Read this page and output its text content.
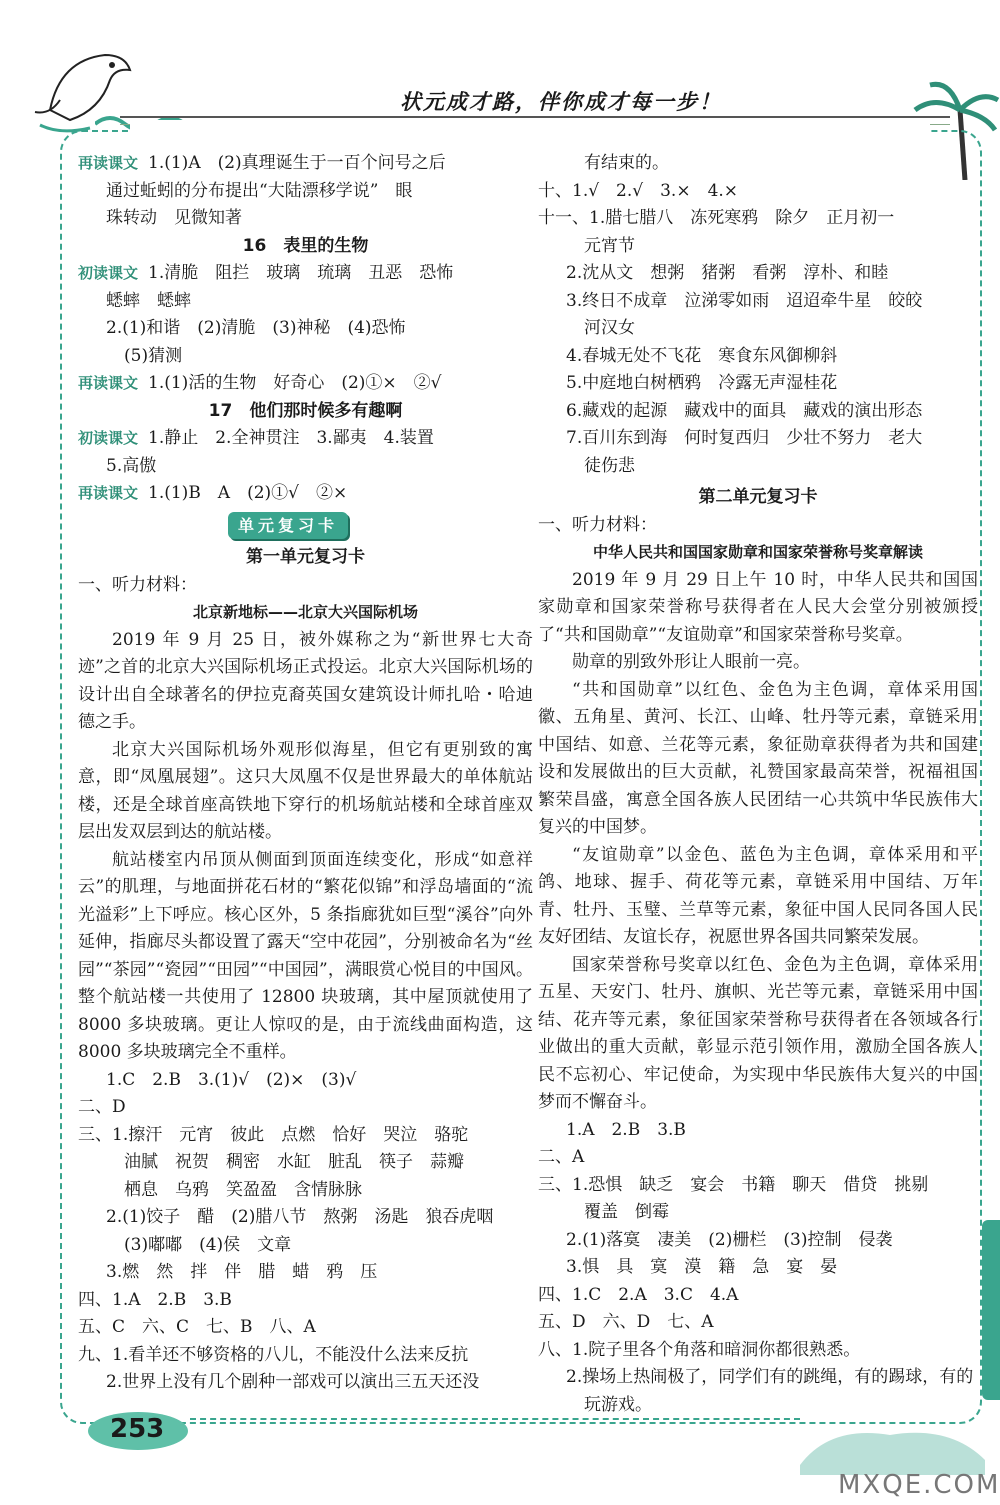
状元成才路，伴你成才每一步！
再读课文 1.(1)A　(2)真理诞生于一百个问号之后
通过蚯蚓的分布提出“大陆漂移学说”　眼
珠转动　见微知著
16　表里的生物
初读课文 1.清脆　阻拦　玻璃　琉璃　丑恶　恐怖
蟋蟀　蟋蟀
2.(1)和谐　(2)清脆　(3)神秘　(4)恐怖
(5)猜测
再读课文 1.(1)活的生物　好奇心　(2)①×　②√
17　他们那时候多有趣啊
初读课文 1.静止　2.全神贯注　3.鄙夷　4.装置
5.高傲
再读课文 1.(1)B　A　(2)①√　②×
单元复习卡
第一单元复习卡
一、听力材料：
北京新地标——北京大兴国际机场
2019 年 9 月 25 日，被外媒称之为“新世界七大奇迹”之首的北京大兴国际机场正式投运。北京大兴国际机场的设计出自全球著名的伊拉克裔英国女建筑设计师扎哈・哈迪德之手。
北京大兴国际机场外观形似海星，但它有更别致的寓意，即“凤凰展翅”。这只大凤凰不仅是世界最大的单体航站楼，还是全球首座高铁地下穿行的机场航站楼和全球首座双层出发双层到达的航站楼。
航站楼室内吊顶从侧面到顶面连续变化，形成“如意祥云”的肌理，与地面拼花石材的“繁花似锦”和浮岛墙面的“流光溢彩”上下呼应。核心区外，5 条指廊犹如巨型“溪谷”向外延伸，指廊尽头都设置了露天“空中花园”，分别被命名为“丝园”“茶园”“瓷园”“田园”“中国园”，满眼赏心悦目的中国风。整个航站楼一共使用了 12800 块玻璃，其中屋顶就使用了 8000 多块玻璃。更让人惊叹的是，由于流线曲面构造，这 8000 多块玻璃完全不重样。
1.C　2.B　3.(1)√　(2)×　(3)√
二、D
三、1.擦汗　元宵　彼此　点燃　恰好　哭泣　骆驼
油腻　祝贺　稠密　水缸　脏乱　筷子　蒜瓣
栖息　乌鸦　笑盈盈　含情脉脉
2.(1)饺子　醋　(2)腊八节　熬粥　汤匙　狼吞虎咽
(3)嘟嘟　(4)侯　文章
3.燃　然　拌　伴　腊　蜡　鸦　压
四、1.A　2.B　3.B
五、C　六、C　七、B　八、A
九、1.看羊还不够资格的八儿，不能没什么法来反抗
2.世界上没有几个剧种一部戏可以演出三五天还没
有结束的。
十、1.√　2.√　3.×　4.×
十一、1.腊七腊八　冻死寒鸦　除夕　正月初一
元宵节
2.沈从文　想粥　猪粥　看粥　淳朴、和睦
3.终日不成章　泣涕零如雨　迢迢牵牛星　皎皎
河汉女
4.春城无处不飞花　寒食东风御柳斜
5.中庭地白树栖鸦　冷露无声湿桂花
6.藏戏的起源　藏戏中的面具　藏戏的演出形态
7.百川东到海　何时复西归　少壮不努力　老大
徒伤悲
第二单元复习卡
一、听力材料：
中华人民共和国国家勋章和国家荣誉称号奖章解读
2019 年 9 月 29 日上午 10 时，中华人民共和国国家勋章和国家荣誉称号获得者在人民大会堂分别被颁授了“共和国勋章”“友谊勋章”和国家荣誉称号奖章。
勋章的别致外形让人眼前一亮。
“共和国勋章”以红色、金色为主色调，章体采用国徽、五角星、黄河、长江、山峰、牡丹等元素，章链采用中国结、如意、兰花等元素，象征勋章获得者为共和国建设和发展做出的巨大贡献，礼赞国家最高荣誉，祝福祖国繁荣昌盛，寓意全国各族人民团结一心共筑中华民族伟大复兴的中国梦。
“友谊勋章”以金色、蓝色为主色调，章体采用和平鸽、地球、握手、荷花等元素，章链采用中国结、万年青、牡丹、玉璧、兰草等元素，象征中国人民同各国人民友好团结、友谊长存，祝愿世界各国共同繁荣发展。
国家荣誉称号奖章以红色、金色为主色调，章体采用五星、天安门、牡丹、旗帜、光芒等元素，章链采用中国结、花卉等元素，象征国家荣誉称号获得者在各领域各行业做出的重大贡献，彰显示范引领作用，激励全国各族人民不忘初心、牢记使命，为实现中华民族伟大复兴的中国梦而不懈奋斗。
1.A　2.B　3.B
二、A
三、1.恐惧　缺乏　宴会　书籍　聊天　借贷　挑剔
覆盖　倒霉
2.(1)落寞　凄美　(2)栅栏　(3)控制　侵袭
3.惧　具　寞　漠　籍　急　宴　晏
四、1.C　2.A　3.C　4.A
五、D　六、D　七、A
八、1.院子里各个角落和暗洞你都很熟悉。
2.操场上热闹极了，同学们有的跳绳，有的踢球，有的
玩游戏。
253
MXQE.COM
